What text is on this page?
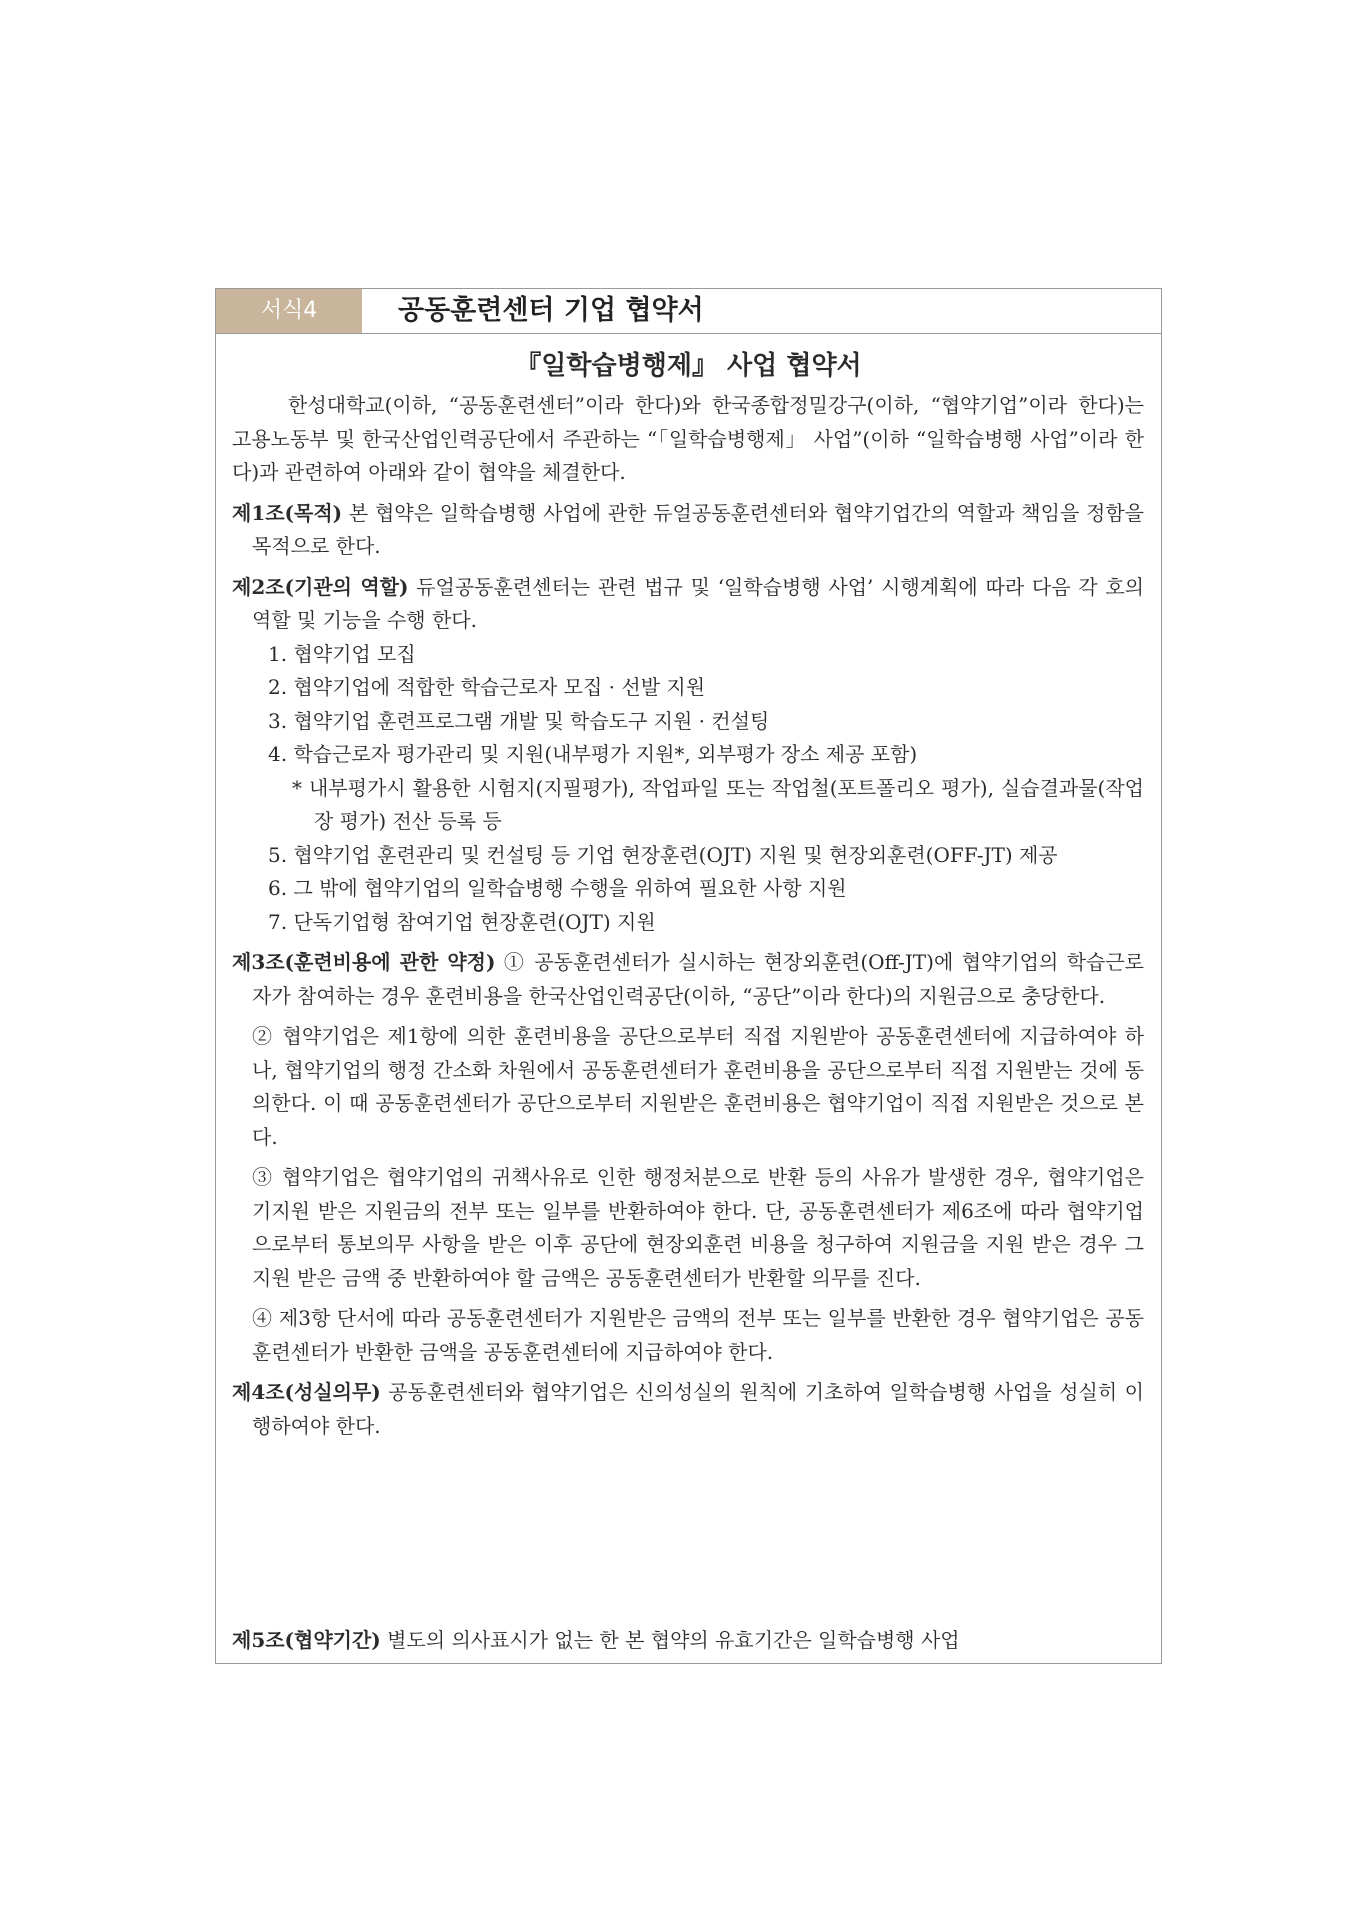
서식4	공동훈련센터 기업 협약서
『일학습병행제』 사업 협약서

한성대학교(이하, “공동훈련센터”이라 한다)와 한국종합정밀강구(이하, “협약기업”이라 한다)는 고용노동부 및 한국산업인력공단에서 주관하는 “「일학습병행제」 사업”(이하 “일학습병행 사업”이라 한다)과 관련하여 아래와 같이 협약을 체결한다.

제1조(목적) 본 협약은 일학습병행 사업에 관한 듀얼공동훈련센터와 협약기업간의 역할과 책임을 정함을 목적으로 한다.

제2조(기관의 역할) 듀얼공동훈련센터는 관련 법규 및 ‘일학습병행 사업’ 시행계획에 따라 다음 각 호의 역할 및 기능을 수행 한다.

1. 협약기업 모집

2. 협약기업에 적합한 학습근로자 모집 · 선발 지원

3. 협약기업 훈련프로그램 개발 및 학습도구 지원 · 컨설팅

4. 학습근로자 평가관리 및 지원(내부평가 지원*, 외부평가 장소 제공 포함)

* 내부평가시 활용한 시험지(지필평가), 작업파일 또는 작업철(포트폴리오 평가), 실습결과물(작업장 평가) 전산 등록 등

5. 협약기업 훈련관리 및 컨설팅 등 기업 현장훈련(OJT) 지원 및 현장외훈련(OFF-JT) 제공

6. 그 밖에 협약기업의 일학습병행 수행을 위하여 필요한 사항 지원

7. 단독기업형 참여기업 현장훈련(OJT) 지원

제3조(훈련비용에 관한 약정) ① 공동훈련센터가 실시하는 현장외훈련(Off-JT)에 협약기업의 학습근로자가 참여하는 경우 훈련비용을 한국산업인력공단(이하, “공단”이라 한다)의 지원금으로 충당한다.

② 협약기업은 제1항에 의한 훈련비용을 공단으로부터 직접 지원받아 공동훈련센터에 지급하여야 하나, 협약기업의 행정 간소화 차원에서 공동훈련센터가 훈련비용을 공단으로부터 직접 지원받는 것에 동의한다. 이 때 공동훈련센터가 공단으로부터 지원받은 훈련비용은 협약기업이 직접 지원받은 것으로 본다.

③ 협약기업은 협약기업의 귀책사유로 인한 행정처분으로 반환 등의 사유가 발생한 경우, 협약기업은 기지원 받은 지원금의 전부 또는 일부를 반환하여야 한다. 단, 공동훈련센터가 제6조에 따라 협약기업으로부터 통보의무 사항을 받은 이후 공단에 현장외훈련 비용을 청구하여 지원금을 지원 받은 경우 그 지원 받은 금액 중 반환하여야 할 금액은 공동훈련센터가 반환할 의무를 진다.

④ 제3항 단서에 따라 공동훈련센터가 지원받은 금액의 전부 또는 일부를 반환한 경우 협약기업은 공동훈련센터가 반환한 금액을 공동훈련센터에 지급하여야 한다.

제4조(성실의무) 공동훈련센터와 협약기업은 신의성실의 원칙에 기초하여 일학습병행 사업을 성실히 이행하여야 한다.

제5조(협약기간) 별도의 의사표시가 없는 한 본 협약의 유효기간은 일학습병행 사업
